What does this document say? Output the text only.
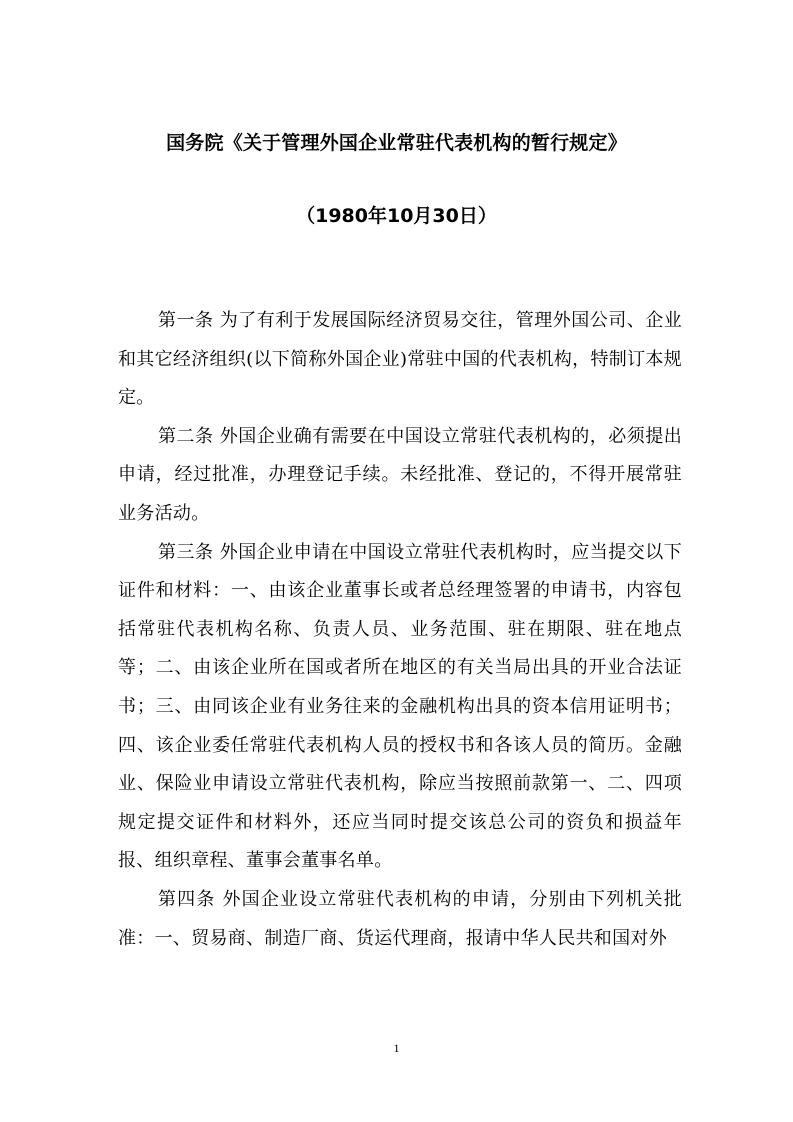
国务院《关于管理外国企业常驻代表机构的暂行规定》
（1980年10月30日）

第一条 为了有利于发展国际经济贸易交往，管理外国公司、企业和其它经济组织(以下简称外国企业)常驻中国的代表机构，特制订本规定。

第二条 外国企业确有需要在中国设立常驻代表机构的，必须提出申请，经过批准，办理登记手续。未经批准、登记的，不得开展常驻业务活动。

第三条 外国企业申请在中国设立常驻代表机构时，应当提交以下证件和材料：一、由该企业董事长或者总经理签署的申请书，内容包括常驻代表机构名称、负责人员、业务范围、驻在期限、驻在地点等；二、由该企业所在国或者所在地区的有关当局出具的开业合法证书；三、由同该企业有业务往来的金融机构出具的资本信用证明书；四、该企业委任常驻代表机构人员的授权书和各该人员的简历。金融业、保险业申请设立常驻代表机构，除应当按照前款第一、二、四项规定提交证件和材料外，还应当同时提交该总公司的资负和损益年报、组织章程、董事会董事名单。

第四条 外国企业设立常驻代表机构的申请，分别由下列机关批准：一、贸易商、制造厂商、货运代理商，报请中华人民共和国对外

1
